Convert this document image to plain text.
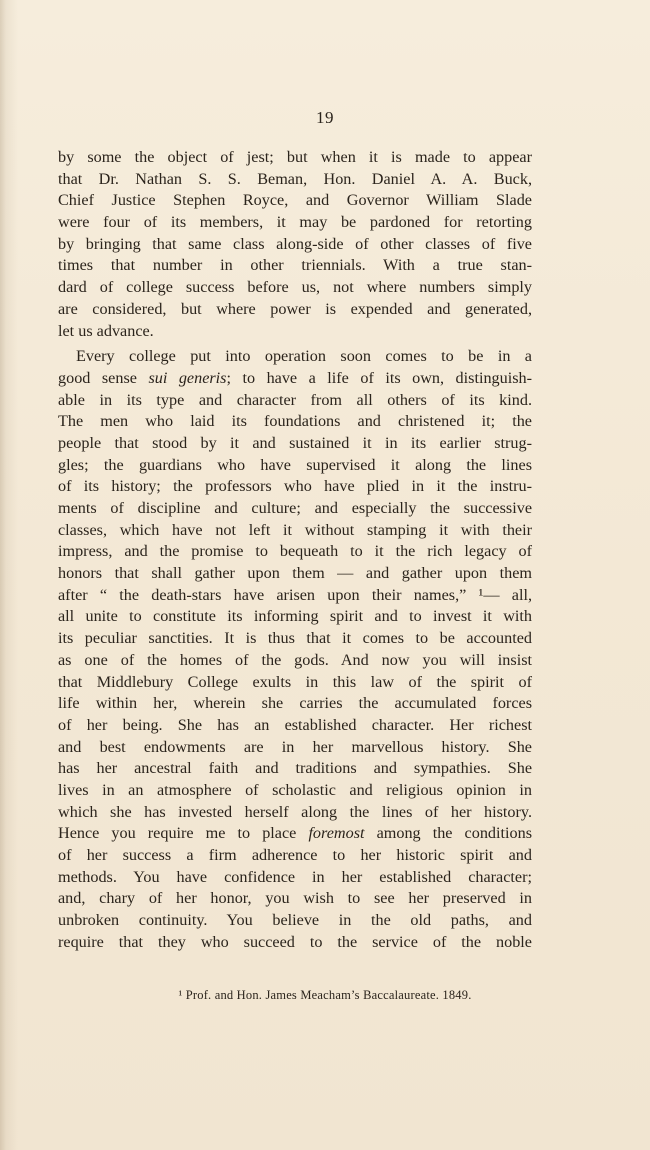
19
by some the object of jest; but when it is made to appear
that Dr. Nathan S. S. Beman, Hon. Daniel A. A. Buck,
Chief Justice Stephen Royce, and Governor William Slade
were four of its members, it may be pardoned for retorting
by bringing that same class along-side of other classes of five
times that number in other triennials. With a true stan-
dard of college success before us, not where numbers simply
are considered, but where power is expended and generated,
let us advance.
Every college put into operation soon comes to be in a
good sense sui generis; to have a life of its own, distinguish-
able in its type and character from all others of its kind.
The men who laid its foundations and christened it; the
people that stood by it and sustained it in its earlier strug-
gles; the guardians who have supervised it along the lines
of its history; the professors who have plied in it the instru-
ments of discipline and culture; and especially the successive
classes, which have not left it without stamping it with their
impress, and the promise to bequeath to it the rich legacy of
honors that shall gather upon them — and gather upon them
after “ the death-stars have arisen upon their names,” ¹— all,
all unite to constitute its informing spirit and to invest it with
its peculiar sanctities. It is thus that it comes to be accounted
as one of the homes of the gods. And now you will insist
that Middlebury College exults in this law of the spirit of
life within her, wherein she carries the accumulated forces
of her being. She has an established character. Her richest
and best endowments are in her marvellous history. She
has her ancestral faith and traditions and sympathies. She
lives in an atmosphere of scholastic and religious opinion in
which she has invested herself along the lines of her history.
Hence you require me to place foremost among the conditions
of her success a firm adherence to her historic spirit and
methods. You have confidence in her established character;
and, chary of her honor, you wish to see her preserved in
unbroken continuity. You believe in the old paths, and
require that they who succeed to the service of the noble
¹ Prof. and Hon. James Meacham’s Baccalaureate. 1849.
